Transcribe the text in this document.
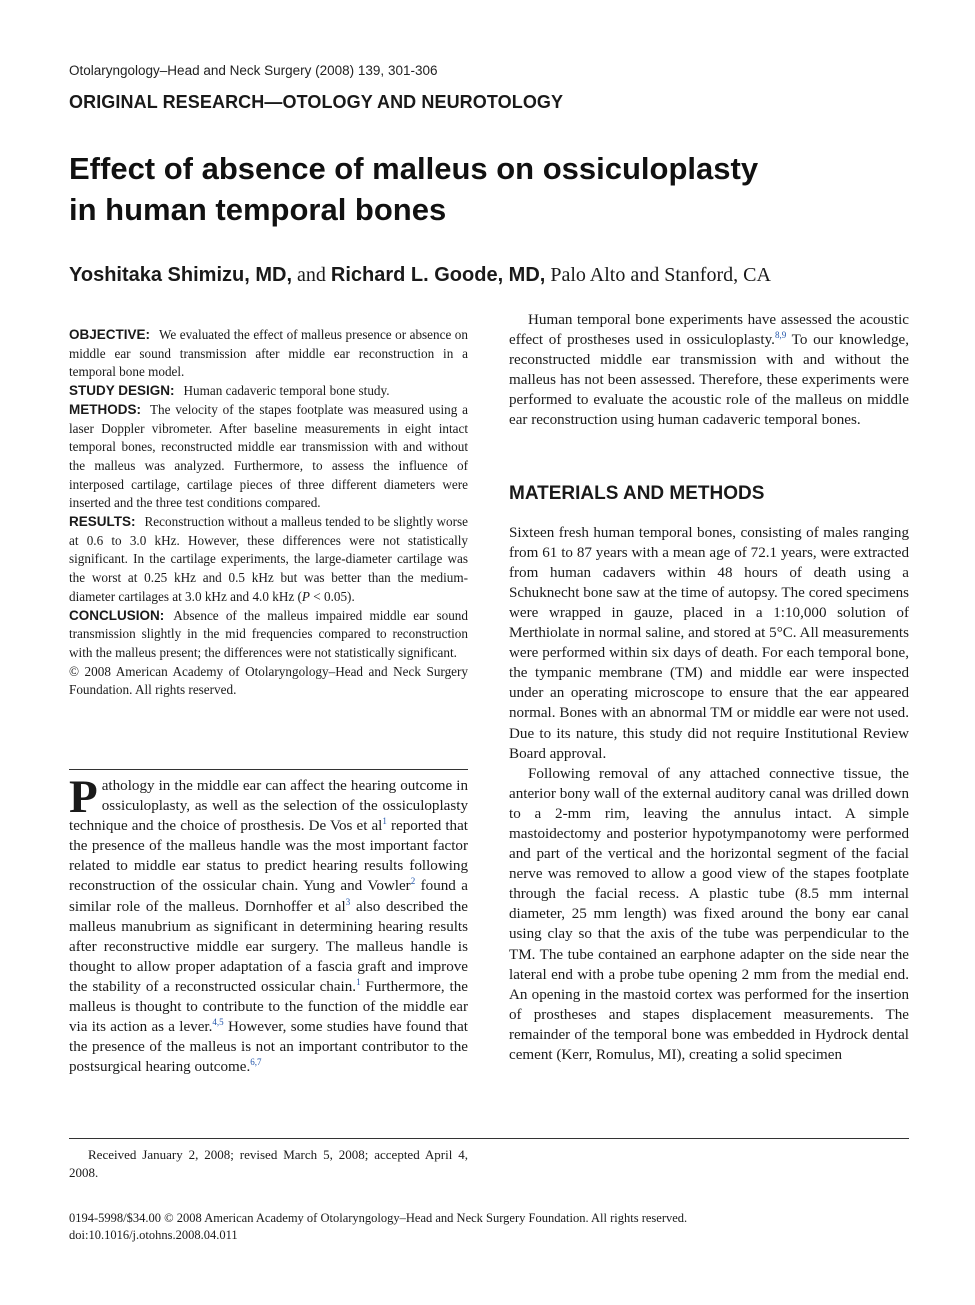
Otolaryngology–Head and Neck Surgery (2008) 139, 301-306
ORIGINAL RESEARCH—OTOLOGY AND NEUROTOLOGY
Effect of absence of malleus on ossiculoplasty
in human temporal bones
Yoshitaka Shimizu, MD, and Richard L. Goode, MD, Palo Alto and Stanford, CA

OBJECTIVE: We evaluated the effect of malleus presence or absence on middle ear sound transmission after middle ear reconstruction in a temporal bone model.

STUDY DESIGN: Human cadaveric temporal bone study.

METHODS: The velocity of the stapes footplate was measured using a laser Doppler vibrometer. After baseline measurements in eight intact temporal bones, reconstructed middle ear transmission with and without the malleus was analyzed. Furthermore, to assess the influence of interposed cartilage, cartilage pieces of three different diameters were inserted and the three test conditions compared.

RESULTS: Reconstruction without a malleus tended to be slightly worse at 0.6 to 3.0 kHz. However, these differences were not statistically significant. In the cartilage experiments, the large-diameter cartilage was the worst at 0.25 kHz and 0.5 kHz but was better than the medium-diameter cartilages at 3.0 kHz and 4.0 kHz (P < 0.05).

CONCLUSION: Absence of the malleus impaired middle ear sound transmission slightly in the mid frequencies compared to reconstruction with the malleus present; the differences were not statistically significant.

© 2008 American Academy of Otolaryngology–Head and Neck Surgery Foundation. All rights reserved.

Pathology in the middle ear can affect the hearing outcome in ossiculoplasty, as well as the selection of the ossiculoplasty technique and the choice of prosthesis. De Vos et $al^1$ reported that the presence of the malleus handle was the most important factor related to middle ear status to predict hearing results following reconstruction of the ossicular chain. Yung and Vowler$^2$ found a similar role of the malleus. Dornhoffer et $al^3$ also described the malleus manubrium as significant in determining hearing results after reconstructive middle ear surgery. The malleus handle is thought to allow proper adaptation of a fascia graft and improve the stability of a reconstructed ossicular chain.$^1$ Furthermore, the malleus is thought to contribute to the function of the middle ear via its action as a lever.$^{4,5}$ However, some studies have found that the presence of the malleus is not an important contributor to the postsurgical hearing outcome.$^{6,7}$

Human temporal bone experiments have assessed the acoustic effect of prostheses used in ossiculoplasty.$^{8,9}$ To our knowledge, reconstructed middle ear transmission with and without the malleus has not been assessed. Therefore, these experiments were performed to evaluate the acoustic role of the malleus on middle ear reconstruction using human cadaveric temporal bones.

MATERIALS AND METHODS

Sixteen fresh human temporal bones, consisting of males ranging from 61 to 87 years with a mean age of 72.1 years, were extracted from human cadavers within 48 hours of death using a Schuknecht bone saw at the time of autopsy. The cored specimens were wrapped in gauze, placed in a 1:10,000 solution of Merthiolate in normal saline, and stored at 5°C. All measurements were performed within six days of death. For each temporal bone, the tympanic membrane (TM) and middle ear were inspected under an operating microscope to ensure that the ear appeared normal. Bones with an abnormal TM or middle ear were not used. Due to its nature, this study did not require Institutional Review Board approval.

Following removal of any attached connective tissue, the anterior bony wall of the external auditory canal was drilled down to a 2-mm rim, leaving the annulus intact. A simple mastoidectomy and posterior hypotympanotomy were performed and part of the vertical and the horizontal segment of the facial nerve was removed to allow a good view of the stapes footplate through the facial recess. A plastic tube (8.5 mm internal diameter, 25 mm length) was fixed around the bony ear canal using clay so that the axis of the tube was perpendicular to the TM. The tube contained an earphone adapter on the side near the lateral end with a probe tube opening 2 mm from the medial end. An opening in the mastoid cortex was performed for the insertion of prostheses and stapes displacement measurements. The remainder of the temporal bone was embedded in Hydrock dental cement (Kerr, Romulus, MI), creating a solid specimen

Received January 2, 2008; revised March 5, 2008; accepted April 4, 2008.
0194-5998/$34.00 © 2008 American Academy of Otolaryngology–Head and Neck Surgery Foundation. All rights reserved.
doi:10.1016/j.otohns.2008.04.011
